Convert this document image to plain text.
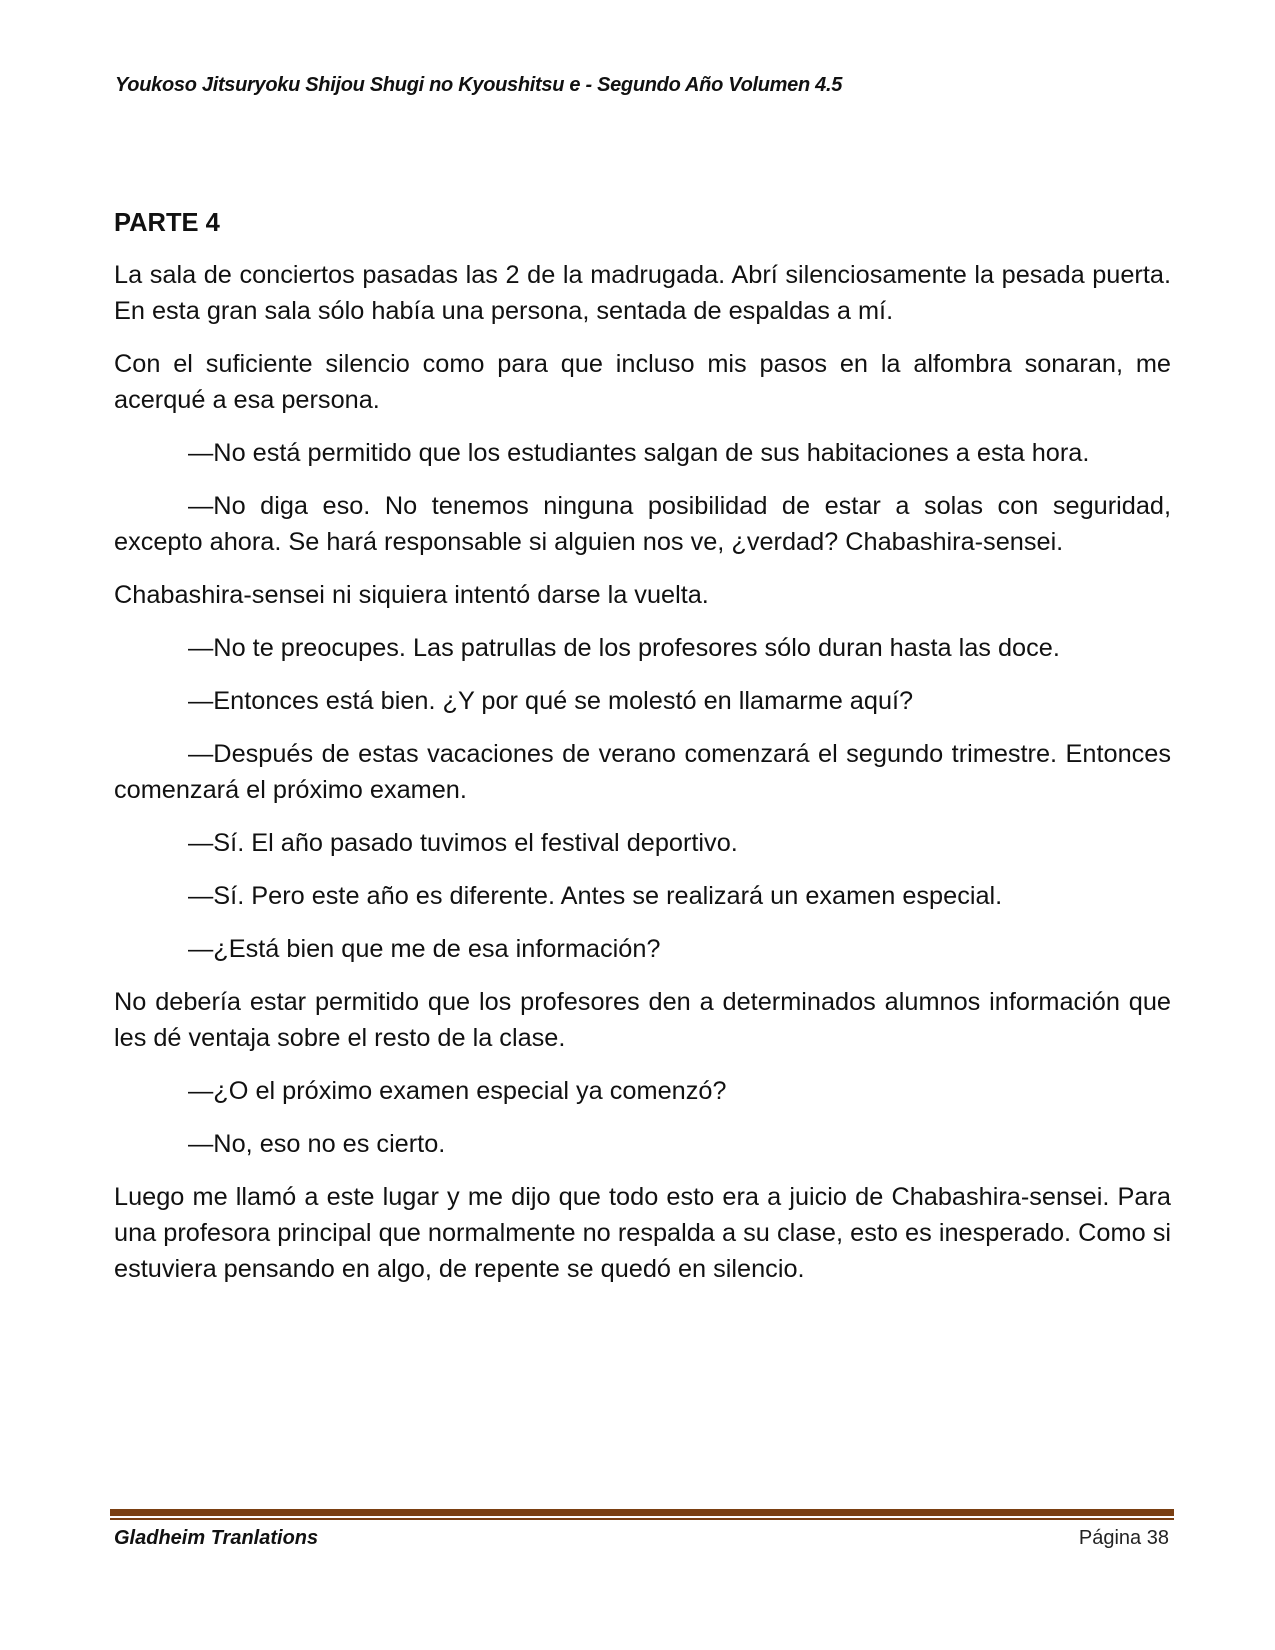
Youkoso Jitsuryoku Shijou Shugi no Kyoushitsu e - Segundo Año Volumen 4.5
PARTE 4

La sala de conciertos pasadas las 2 de la madrugada. Abrí silenciosamente la pesada puerta. En esta gran sala sólo había una persona, sentada de espaldas a mí.

Con el suficiente silencio como para que incluso mis pasos en la alfombra sonaran, me acerqué a esa persona.

—No está permitido que los estudiantes salgan de sus habitaciones a esta hora.

—No diga eso. No tenemos ninguna posibilidad de estar a solas con seguridad, excepto ahora. Se hará responsable si alguien nos ve, ¿verdad? Chabashira-sensei.

Chabashira-sensei ni siquiera intentó darse la vuelta.

—No te preocupes. Las patrullas de los profesores sólo duran hasta las doce.

—Entonces está bien. ¿Y por qué se molestó en llamarme aquí?

—Después de estas vacaciones de verano comenzará el segundo trimestre. Entonces comenzará el próximo examen.

—Sí. El año pasado tuvimos el festival deportivo.

—Sí. Pero este año es diferente. Antes se realizará un examen especial.

—¿Está bien que me de esa información?

No debería estar permitido que los profesores den a determinados alumnos información que les dé ventaja sobre el resto de la clase.

—¿O el próximo examen especial ya comenzó?

—No, eso no es cierto.

Luego me llamó a este lugar y me dijo que todo esto era a juicio de Chabashira-sensei. Para una profesora principal que normalmente no respalda a su clase, esto es inesperado. Como si estuviera pensando en algo, de repente se quedó en silencio.

Gladheim Tranlations	Página 38
